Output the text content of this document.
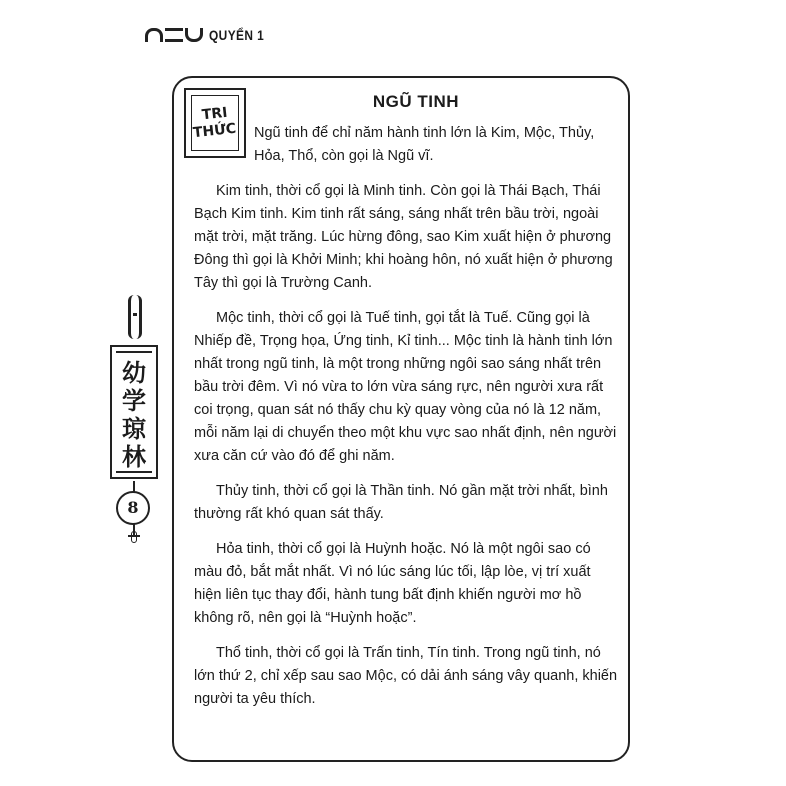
QUYỂN 1
TRI
THỨC
NGŨ TINH

Ngũ tinh để chỉ năm hành tinh lớn là Kim, Mộc, Thủy, Hỏa, Thổ, còn gọi là Ngũ vĩ.

Kim tinh, thời cổ gọi là Minh tinh. Còn gọi là Thái Bạch, Thái Bạch Kim tinh. Kim tinh rất sáng, sáng nhất trên bầu trời, ngoài mặt trời, mặt trăng. Lúc hừng đông, sao Kim xuất hiện ở phương Đông thì gọi là Khởi Minh; khi hoàng hôn, nó xuất hiện ở phương Tây thì gọi là Trường Canh.

Mộc tinh, thời cổ gọi là Tuế tinh, gọi tắt là Tuế. Cũng gọi là Nhiếp đề, Trọng họa, Ứng tinh, Kỉ tinh... Mộc tinh là hành tinh lớn nhất trong ngũ tinh, là một trong những ngôi sao sáng nhất trên bầu trời đêm. Vì nó vừa to lớn vừa sáng rực, nên người xưa rất coi trọng, quan sát nó thấy chu kỳ quay vòng của nó là 12 năm, mỗi năm lại di chuyển theo một khu vực sao nhất định, nên người xưa căn cứ vào đó để ghi năm.

Thủy tinh, thời cổ gọi là Thần tinh. Nó gần mặt trời nhất, bình thường rất khó quan sát thấy.

Hỏa tinh, thời cổ gọi là Huỳnh hoặc. Nó là một ngôi sao có màu đỏ, bắt mắt nhất. Vì nó lúc sáng lúc tối, lập lòe, vị trí xuất hiện liên tục thay đổi, hành tung bất định khiến người mơ hồ không rõ, nên gọi là “Huỳnh hoặc”.

Thổ tinh, thời cổ gọi là Trấn tinh, Tín tinh. Trong ngũ tinh, nó lớn thứ 2, chỉ xếp sau sao Mộc, có dải ánh sáng vây quanh, khiến người ta yêu thích.

幼
学
琼
林
8
